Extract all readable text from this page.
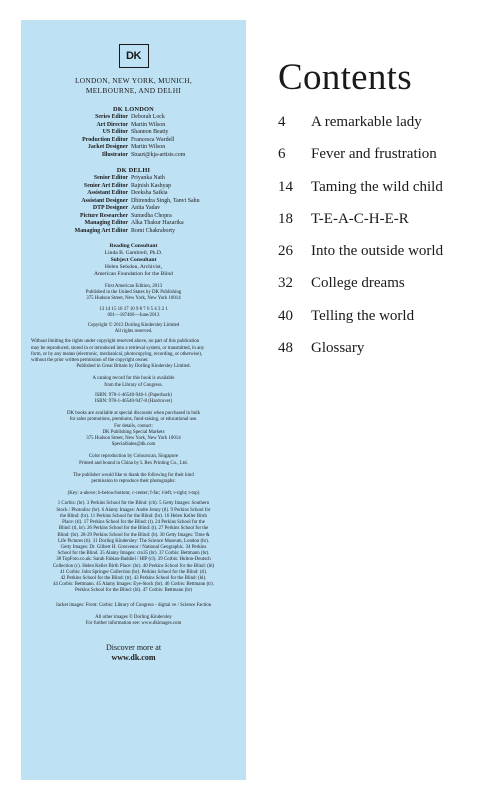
DK
LONDON, NEW YORK, MUNICH,
MELBOURNE, AND DELHI
DK LONDON
Series Editor Deborah Lock
Art Director Martin Wilson
US Editor Shannon Beatty
Production Editor Francesca Wardell
Jacket Designer Martin Wilson
Illustrator Stuart@kja-artists.com
DK DELHI
Senior Editor Priyanka Nath
Senior Art Editor Rajnish Kashyap
Assistant Editor Deeksha Saikia
Assistant Designer Dhirendra Singh, Tanvi Sahu
DTP Designer Anita Yadav
Picture Researcher Sumedha Chopra
Managing Editor Alka Thakur Hazarika
Managing Art Editor Romi Chakraborty
Reading Consultant
Linda B. Gambrell, Ph.D.
Subject Consultant
Helen Selsdon, Archivist,
American Foundation for the Blind
First American Edition, 2013
Published in the United States by DK Publishing
375 Hudson Street, New York, New York 10014
13 14 15 16 17 10 9 8 7 6 5 4 3 2 1
001—187466—June/2013
Copyright © 2013 Dorling Kindersley Limited
All rights reserved.
Without limiting the rights under copyright reserved above, no part of this publication
may be reproduced, stored in or introduced into a retrieval system, or transmitted, in any
form, or by any means (electronic, mechanical, photocopying, recording, or otherwise),
without the prior written permission of the copyright owner.
Published in Great Britain by Dorling Kindersley Limited.
A catalog record for this book is available
from the Library of Congress.
ISBN: 978-1-46540-946-1 (Paperback)
ISBN: 978-1-46540-947-8 (Hardcover)
DK books are available at special discounts when purchased in bulk
for sales promotions, premiums, fund-raising, or educational use.
For details, contact:
DK Publishing Special Markets
375 Hudson Street, New York, New York 10014
SpecialSales@dk.com
Color reproduction by Colourscan, Singapore
Printed and bound in China by L Rex Printing Co., Ltd.
The publisher would like to thank the following for their kind
permission to reproduce their photographs:
(Key: a-above; b-below/bottom; c-center; f-far; l-left; r-right; t-top)
1 Corbis: (br). 3 Perkins School for the Blind: (cb). 5 Getty Images: Southern
Stock / Photodisc (br). 6 Alamy Images: Andre Jenny (tl). 9 Perkins School for
the Blind: (br). 11 Perkins School for the Blind: (br). 16 Helen Keller Birth
Place: (tl). 17 Perkins School for the Blind: (t). 24 Perkins School for the
Blind: (tl, br). 26 Perkins School for the Blind: (t). 27 Perkins School for the
Blind: (br). 28-29 Perkins School for the Blind: (b). 30 Getty Images: Time &
Life Pictures (tl). 31 Dorling Kindersley: The Science Museum, London (br).
Getty Images: Dr. Gilbert H. Grosvenor / National Geographic. 34 Perkins
School for the Blind. 35 Alamy Images: cro35 (br). 37 Corbis: Bettmann (br).
38 TopFoto.co.uk: Sarah Fabian-Baddiel / HIP (cl). 39 Corbis: Hulton-Deutsch
Collection (c). Helen Keller Birth Place: (br). 40 Perkins School for the Blind: (bl)
41 Corbis: John Springer Collection (br). Perkins School for the Blind: (tl).
42 Perkins School for the Blind: (tr). 43 Perkins School for the Blind: (bl).
44 Corbis: Bettmann. 45 Alamy Images: Eye-Stock (br). 46 Corbis: Bettmann (tr).
Perkins School for the Blind: (bl). 47 Corbis: Bettmann (br)
Jacket images: Front: Corbis: Library of Congress - digital ve / Science Faction
All other images © Dorling Kindersley
For further information see: www.dkimages.com
Discover more at
www.dk.com
Contents
4	A remarkable lady
6	Fever and frustration
14	Taming the wild child
18	T-E-A-C-H-E-R
26	Into the outside world
32	College dreams
40	Telling the world
48	Glossary
